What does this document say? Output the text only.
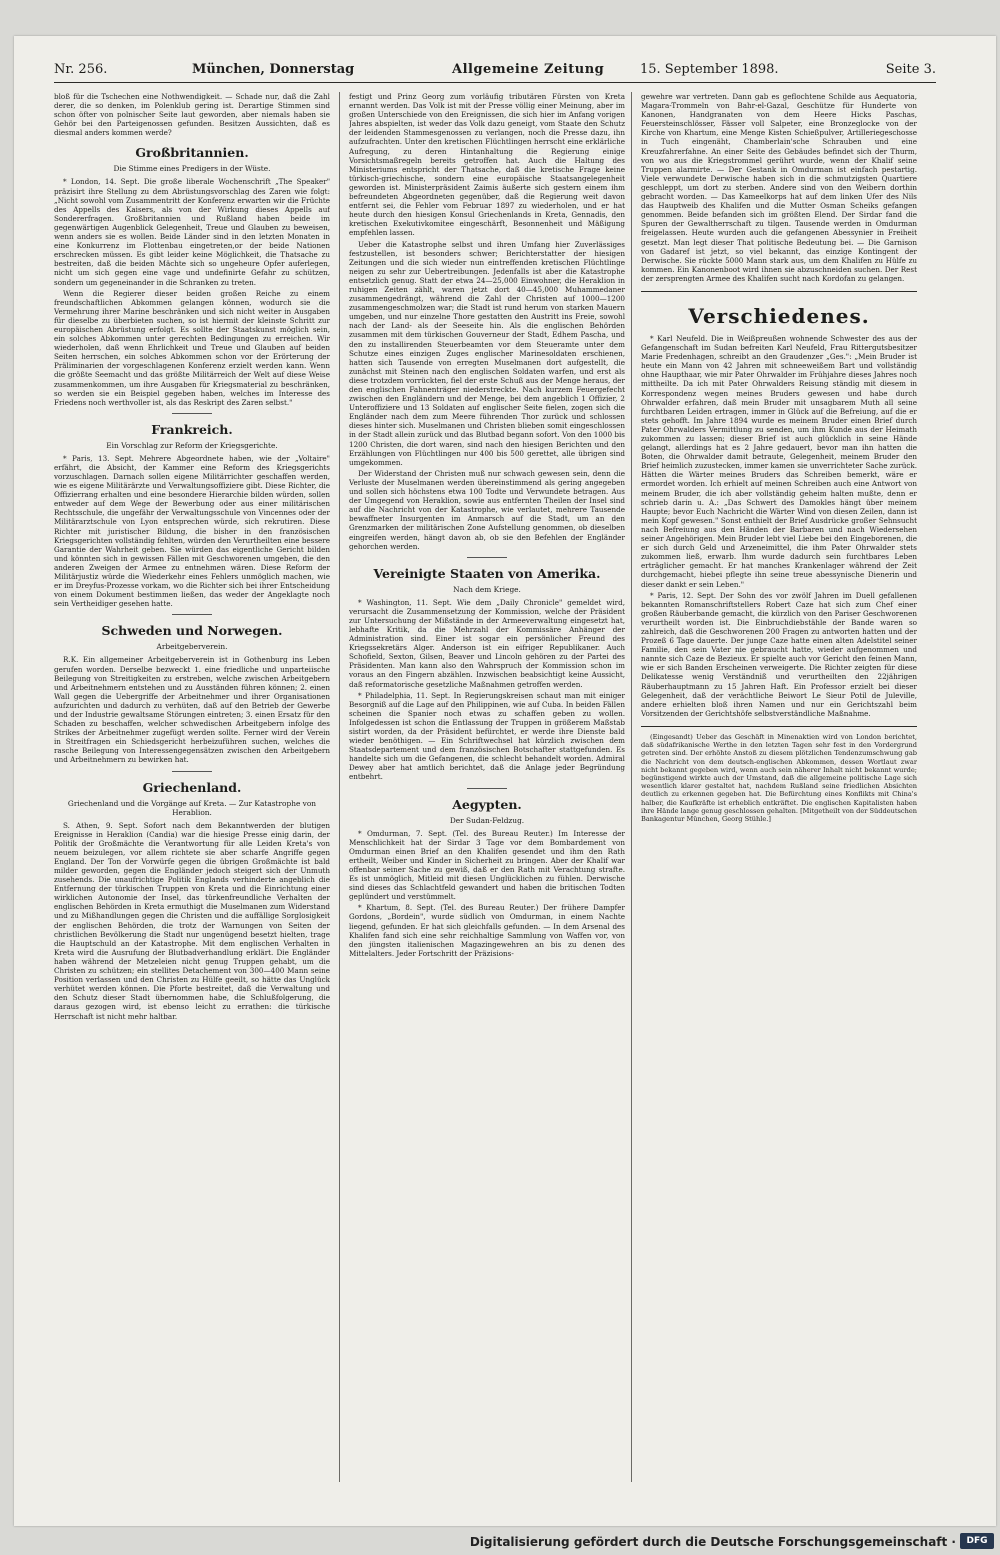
Nr. 256.	München, Donnerstag	Allgemeine Zeitung	15. September 1898.	Seite 3.

bloß für die Tschechen eine Nothwendigkeit. — Schade nur, daß die Zahl derer, die so denken, im Polenklub gering ist. Derartige Stimmen sind schon öfter von polnischer Seite laut geworden, aber niemals haben sie Gehör bei den Parteigenossen gefunden. Besitzen Aussichten, daß es diesmal anders kommen werde?

Großbritannien.
Die Stimme eines Predigers in der Wüste.

* London, 14. Sept. Die große liberale Wochenschrift „The Speaker" präzisirt ihre Stellung zu dem Abrüstungsvorschlag des Zaren wie folgt: „Nicht sowohl vom Zusammentritt der Konferenz erwarten wir die Früchte des Appells des Kaisers, als von der Wirkung dieses Appells auf Sondererfragen. Großbritannien und Rußland haben beide im gegenwärtigen Augenblick Gelegenheit, Treue und Glauben zu beweisen, wenn anders sie es wollen. Beide Länder sind in den letzten Monaten in eine Konkurrenz im Flottenbau eingetreten,or der beide Nationen erschrecken müssen. Es gibt leider keine Möglichkeit, die Thatsache zu bestreiten, daß die beiden Mächte sich so ungeheure Opfer auferlegen, nicht um sich gegen eine vage und undefinirte Gefahr zu schützen, sondern um gegeneinander in die Schranken zu treten.

Wenn die Regierer dieser beiden großen Reiche zu einem freundschaftlichen Abkommen gelangen können, wodurch sie die Vermehrung ihrer Marine beschränken und sich nicht weiter in Ausgaben für dieselbe zu überbieten suchen, so ist hiermit der kleinste Schritt zur europäischen Abrüstung erfolgt. Es sollte der Staatskunst möglich sein, ein solches Abkommen unter gerechten Bedingungen zu erreichen. Wir wiederholen, daß wenn Ehrlichkeit und Treue und Glauben auf beiden Seiten herrschen, ein solches Abkommen schon vor der Erörterung der Präliminarien der vorgeschlagenen Konferenz erzielt werden kann. Wenn die größte Seemacht und das größte Militärreich der Welt auf diese Weise zusammenkommen, um ihre Ausgaben für Kriegsmaterial zu beschränken, so werden sie ein Beispiel gegeben haben, welches im Interesse des Friedens noch werthvoller ist, als das Reskript des Zaren selbst."

Frankreich.
Ein Vorschlag zur Reform der Kriegsgerichte.

* Paris, 13. Sept. Mehrere Abgeordnete haben, wie der „Voltaire" erfährt, die Absicht, der Kammer eine Reform des Kriegsgerichts vorzuschlagen. Darnach sollen eigene Militärrichter geschaffen werden, wie es eigene Militärärzte und Verwaltungsoffiziere gibt. Diese Richter, die Offizierrang erhalten und eine besondere Hierarchie bilden würden, sollen entweder auf dem Wege der Bewerbung oder aus einer militärischen Rechtsschule, die ungefähr der Verwaltungsschule von Vincennes oder der Militärarztschule von Lyon entsprechen würde, sich rekrutiren. Diese Richter mit juristischer Bildung, die bisher in den französischen Kriegsgerichten vollständig fehlten, würden den Verurtheilten eine bessere Garantie der Wahrheit geben. Sie würden das eigentliche Gericht bilden und könnten sich in gewissen Fällen mit Geschworenen umgeben, die den anderen Zweigen der Armee zu entnehmen wären. Diese Reform der Militärjustiz würde die Wiederkehr eines Fehlers unmöglich machen, wie er im Dreyfus-Prozesse vorkam, wo die Richter sich bei ihrer Entscheidung von einem Dokument bestimmen ließen, das weder der Angeklagte noch sein Vertheidiger gesehen hatte.

Schweden und Norwegen.
Arbeitgeberverein.

R.K. Ein allgemeiner Arbeitgeberverein ist in Gothenburg ins Leben gerufen worden. Derselbe bezweckt 1. eine friedliche und unparteiische Beilegung von Streitigkeiten zu erstreben, welche zwischen Arbeitgebern und Arbeitnehmern entstehen und zu Ausständen führen können; 2. einen Wall gegen die Uebergriffe der Arbeitnehmer und ihrer Organisationen aufzurichten und dadurch zu verhüten, daß auf den Betrieb der Gewerbe und der Industrie gewaltsame Störungen eintreten; 3. einen Ersatz für den Schaden zu beschaffen, welcher schwedischen Arbeitgebern infolge des Strikes der Arbeitnehmer zugefügt werden sollte. Ferner wird der Verein in Streitfragen ein Schiedsgericht herbeizuführen suchen, welches die rasche Beilegung von Interessengegensätzen zwischen den Arbeitgebern und Arbeitnehmern zu bewirken hat.

Griechenland.
Griechenland und die Vorgänge auf Kreta. — Zur Katastrophe von Herablion.

S. Athen, 9. Sept. Sofort nach dem Bekanntwerden der blutigen Ereignisse in Heraklion (Candia) war die hiesige Presse einig darin, der Politik der Großmächte die Verantwortung für alle Leiden Kreta's von neuem beizulegen, vor allem richtete sie aber scharfe Angriffe gegen England. Der Ton der Vorwürfe gegen die übrigen Großmächte ist bald milder geworden, gegen die Engländer jedoch steigert sich der Unmuth zusehends. Die unaufrichtige Politik Englands verhinderte angeblich die Entfernung der türkischen Truppen von Kreta und die Einrichtung einer wirklichen Autonomie der Insel, das türkenfreundliche Verhalten der englischen Behörden in Kreta ermuthigt die Muselmanen zum Widerstand und zu Mißhandlungen gegen die Christen und die auffällige Sorglosigkeit der englischen Behörden, die trotz der Warnungen von Seiten der christlichen Bevölkerung die Stadt nur ungenügend besetzt hielten, trage die Hauptschuld an der Katastrophe. Mit dem englischen Verhalten in Kreta wird die Ausrufung der Blutbadverhandlung erklärt. Die Engländer haben während der Metzeleien nicht genug Truppen gehabt, um die Christen zu schützen; ein stellites Detachement von 300—400 Mann seine Position verlassen und den Christen zu Hülfe geeilt, so hätte das Unglück verhütet werden können. Die Pforte bestreitet, daß die Verwaltung und den Schutz dieser Stadt übernommen habe, die Schlußfolgerung, die daraus gezogen wird, ist ebenso leicht zu errathen: die türkische Herrschaft ist nicht mehr haltbar.

festigt und Prinz Georg zum vorläufig tributären Fürsten von Kreta ernannt werden. Das Volk ist mit der Presse völlig einer Meinung, aber im großen Unterschiede von den Ereignissen, die sich hier im Anfang vorigen Jahres abspielten, ist weder das Volk dazu geneigt, vom Staate den Schutz der leidenden Stammesgenossen zu verlangen, noch die Presse dazu, ihn aufzufrachten. Unter den kretischen Flüchtlingen herrscht eine erklärliche Aufregung, zu deren Hintanhaltung die Regierung einige Vorsichtsmaßregeln bereits getroffen hat. Auch die Haltung des Ministeriums entspricht der Thatsache, daß die kretische Frage keine türkisch-griechische, sondern eine europäische Staatsangelegenheit geworden ist. Ministerpräsident Zaimis äußerte sich gestern einem ihm befreundeten Abgeordneten gegenüber, daß die Regierung weit davon entfernt sei, die Fehler vom Februar 1897 zu wiederholen, und er hat heute durch den hiesigen Konsul Griechenlands in Kreta, Gennadis, den kretischen Exekutivkomitee eingeschärft, Besonnenheit und Mäßigung empfehlen lassen.

Ueber die Katastrophe selbst und ihren Umfang hier Zuverlässiges festzustellen, ist besonders schwer; Berichterstatter der hiesigen Zeitungen und die sich wieder nun eintreffenden kretischen Flüchtlinge neigen zu sehr zur Uebertreibungen. Jedenfalls ist aber die Katastrophe entsetzlich genug. Statt der etwa 24—25,000 Einwohner, die Heraklion in ruhigen Zeiten zählt, waren jetzt dort 40—45,000 Muhammedaner zusammengedrängt, während die Zahl der Christen auf 1000—1200 zusammengeschmolzen war; die Stadt ist rund herum von starken Mauern umgeben, und nur einzelne Thore gestatten den Austritt ins Freie, sowohl nach der Land- als der Seeseite hin. Als die englischen Behörden zusammen mit dem türkischen Gouverneur der Stadt, Edhem Pascha, und den zu installirenden Steuerbeamten vor dem Steueramte unter dem Schutze eines einzigen Zuges englischer Marinesoldaten erschienen, hatten sich Tausende von erregten Muselmanen dort aufgestellt, die zunächst mit Steinen nach den englischen Soldaten warfen, und erst als diese trotzdem vorrückten, fiel der erste Schuß aus der Menge heraus, der den englischen Fahnenträger niederstreckte. Nach kurzem Feuergefecht zwischen den Engländern und der Menge, bei dem angeblich 1 Offizier, 2 Unteroffiziere und 13 Soldaten auf englischer Seite fielen, zogen sich die Engländer nach dem zum Meere führenden Thor zurück und schlossen dieses hinter sich. Muselmanen und Christen blieben somit eingeschlossen in der Stadt allein zurück und das Blutbad begann sofort. Von den 1000 bis 1200 Christen, die dort waren, sind nach den hiesigen Berichten und den Erzählungen von Flüchtlingen nur 400 bis 500 gerettet, alle übrigen sind umgekommen.

Der Widerstand der Christen muß nur schwach gewesen sein, denn die Verluste der Muselmanen werden übereinstimmend als gering angegeben und sollen sich höchstens etwa 100 Todte und Verwundete betragen. Aus der Umgegend von Heraklion, sowie aus entfernten Theilen der Insel sind auf die Nachricht von der Katastrophe, wie verlautet, mehrere Tausende bewaffneter Insurgenten im Anmarsch auf die Stadt, um an den Grenzmarken der militärischen Zone Aufstellung genommen, ob dieselben eingreifen werden, hängt davon ab, ob sie den Befehlen der Engländer gehorchen werden.

Vereinigte Staaten von Amerika.
Nach dem Kriege.

* Washington, 11. Sept. Wie dem „Daily Chronicle" gemeldet wird, verursacht die Zusammensetzung der Kommission, welche der Präsident zur Untersuchung der Mißstände in der Armeeverwaltung eingesetzt hat, lebhafte Kritik, da die Mehrzahl der Kommissäre Anhänger der Administration sind. Einer ist sogar ein persönlicher Freund des Kriegssekretärs Alger. Anderson ist ein eifriger Republikaner. Auch Schofield, Sexton, Gilsen, Beaver und Lincoln gehören zu der Partei des Präsidenten. Man kann also den Wahrspruch der Kommission schon im voraus an den Fingern abzählen. Inzwischen beabsichtigt keine Aussicht, daß reformatorische gesetzliche Maßnahmen getroffen werden.

* Philadelphia, 11. Sept. In Regierungskreisen schaut man mit einiger Besorgniß auf die Lage auf den Philippinen, wie auf Cuba. In beiden Fällen scheinen die Spanier noch etwas zu schaffen geben zu wollen. Infolgedessen ist schon die Entlassung der Truppen in größerem Maßstab sistirt worden, da der Präsident befürchtet, er werde ihre Dienste bald wieder benöthigen. — Ein Schriftwechsel hat kürzlich zwischen dem Staatsdepartement und dem französischen Botschafter stattgefunden. Es handelte sich um die Gefangenen, die schlecht behandelt worden. Admiral Dewey aber hat amtlich berichtet, daß die Anlage jeder Begründung entbehrt.

Aegypten.
Der Sudan-Feldzug.

* Omdurman, 7. Sept. (Tel. des Bureau Reuter.) Im Interesse der Menschlichkeit hat der Sirdar 3 Tage vor dem Bombardement von Omdurman einen Brief an den Khalifen gesendet und ihm den Rath ertheilt, Weiber und Kinder in Sicherheit zu bringen. Aber der Khalif war offenbar seiner Sache zu gewiß, daß er den Rath mit Verachtung strafte. Es ist unmöglich, Mitleid mit diesen Unglücklichen zu fühlen. Derwische sind dieses das Schlachtfeld gewandert und haben die britischen Todten geplündert und verstümmelt.

* Khartum, 8. Sept. (Tel. des Bureau Reuter.) Der frühere Dampfer Gordons, „Bordein", wurde südlich von Omdurman, in einem Nachte liegend, gefunden. Er hat sich gleichfalls gefunden. — In dem Arsenal des Khalifen fand sich eine sehr reichhaltige Sammlung von Waffen vor, von den jüngsten italienischen Magazingewehren an bis zu denen des Mittelalters. Jeder Fortschritt der Präzisions-

gewehre war vertreten. Dann gab es geflochtene Schilde aus Aequatoria, Magara-Trommeln von Bahr-el-Gazal, Geschütze für Hunderte von Kanonen, Handgranaten von dem Heere Hicks Paschas, Feuersteinschlösser, Fässer voll Salpeter, eine Bronzeglocke von der Kirche von Khartum, eine Menge Kisten Schießpulver, Artilleriegeschosse in Tuch eingenäht, Chamberlain'sche Schrauben und eine Kreuzfahrerfahne. An einer Seite des Gebäudes befindet sich der Thurm, von wo aus die Kriegstrommel gerührt wurde, wenn der Khalif seine Truppen alarmirte. — Der Gestank in Omdurman ist einfach pestartig. Viele verwundete Derwische haben sich in die schmutzigsten Quartiere geschleppt, um dort zu sterben. Andere sind von den Weibern dorthin gebracht worden. — Das Kameelkorps hat auf dem linken Ufer des Nils das Hauptweib des Khalifen und die Mutter Osman Scheiks gefangen genommen. Beide befanden sich im größten Elend. Der Sirdar fand die Spuren der Gewaltherrschaft zu tilgen. Tausende werden in Omdurman freigelassen. Heute wurden auch die gefangenen Abessynier in Freiheit gesetzt. Man legt dieser That politische Bedeutung bei. — Die Garnison von Gadaref ist jetzt, so viel bekannt, das einzige Kontingent der Derwische. Sie rückte 5000 Mann stark aus, um dem Khalifen zu Hülfe zu kommen. Ein Kanonenboot wird ihnen sie abzuschneiden suchen. Der Rest der zersprengten Armee des Khalifen sucht nach Kordofan zu gelangen.

Verschiedenes.

* Karl Neufeld. Die in Weißpreußen wohnende Schwester des aus der Gefangenschaft im Sudan befreiten Karl Neufeld, Frau Rittergutsbesitzer Marie Fredenhagen, schreibt an den Graudenzer „Ges.": „Mein Bruder ist heute ein Mann von 42 Jahren mit schneeweißem Bart und vollständig ohne Haupthaar, wie mir Pater Ohrwalder im Frühjahre dieses Jahres noch mittheilte. Da ich mit Pater Ohrwalders Reisung ständig mit diesem in Korrespondenz wegen meines Bruders gewesen und habe durch Ohrwalder erfahren, daß mein Bruder mit unsagbarem Muth all seine furchtbaren Leiden ertragen, immer in Glück auf die Befreiung, auf die er stets gehofft. Im Jahre 1894 wurde es meinem Bruder einen Brief durch Pater Ohrwalders Vermittlung zu senden, um ihm Kunde aus der Heimath zukommen zu lassen; dieser Brief ist auch glücklich in seine Hände gelangt, allerdings hat es 2 Jahre gedauert, bevor man ihn hatten die Boten, die Ohrwalder damit betraute, Gelegenheit, meinem Bruder den Brief heimlich zuzustecken, immer kamen sie unverrichteter Sache zurück. Hätten die Wärter meines Bruders das Schreiben bemerkt, wäre er ermordet worden. Ich erhielt auf meinen Schreiben auch eine Antwort von meinem Bruder, die ich aber vollständig geheim halten mußte, denn er schrieb darin u. A.: „Das Schwert des Damokles hängt über meinem Haupte; bevor Euch Nachricht die Wärter Wind von diesen Zeilen, dann ist mein Kopf gewesen." Sonst enthielt der Brief Ausdrücke großer Sehnsucht nach Befreiung aus den Händen der Barbaren und nach Wiedersehen seiner Angehörigen. Mein Bruder lebt viel Liebe bei den Eingeborenen, die er sich durch Geld und Arzeneimittel, die ihm Pater Ohrwalder stets zukommen ließ, erwarb. Ihm wurde dadurch sein furchtbares Leben erträglicher gemacht. Er hat manches Krankenlager während der Zeit durchgemacht, hiebei pflegte ihn seine treue abessynische Dienerin und dieser dankt er sein Leben."

* Paris, 12. Sept. Der Sohn des vor zwölf Jahren im Duell gefallenen bekannten Romanschriftstellers Robert Caze hat sich zum Chef einer großen Räuberbande gemacht, die kürzlich von den Pariser Geschworenen verurtheilt worden ist. Die Einbruchdiebstähle der Bande waren so zahlreich, daß die Geschworenen 200 Fragen zu antworten hatten und der Prozeß 6 Tage dauerte. Der junge Caze hatte einen alten Adelstitel seiner Familie, den sein Vater nie gebraucht hatte, wieder aufgenommen und nannte sich Caze de Bezieux. Er spielte auch vor Gericht den feinen Mann, wie er sich Banden Erscheinen verweigerte. Die Richter zeigten für diese Delikatesse wenig Verständniß und verurtheilten den 22jährigen Räuberhauptmann zu 15 Jahren Haft. Ein Professor erzielt bei dieser Gelegenheit, daß der verächtliche Beiwort Le Sieur Potil de Juleville, andere erhielten bloß ihren Namen und nur ein Gerichtszahl beim Vorsitzenden der Gerichtshöfe selbstverständliche Maßnahme.

(Eingesandt) Ueber das Geschäft in Minenaktien wird von London berichtet, daß südafrikanische Werthe in den letzten Tagen sehr fest in den Vordergrund getreten sind. Der erhöhte Anstoß zu diesem plötzlichen Tendenzumschwung gab die Nachricht von dem deutsch-englischen Abkommen, dessen Wortlaut zwar nicht bekannt gegeben wird, wenn auch sein näherer Inhalt nicht bekannt wurde; begünstigend wirkte auch der Umstand, daß die allgemeine politische Lage sich wesentlich klarer gestaltet hat, nachdem Rußland seine friedlichen Absichten deutlich zu erkennen gegeben hat. Die Befürchtung eines Konflikts mit China's halber, die Kaufkräfte ist erheblich entkräftet. Die englischen Kapitalisten haben ihre Hände lange genug geschlossen gehalten. [Mitgetheilt von der Süddeutschen Bankagentur München, Georg Stühle.]

Digitalisierung gefördert durch die Deutsche Forschungsgemeinschaft ·	DFG
